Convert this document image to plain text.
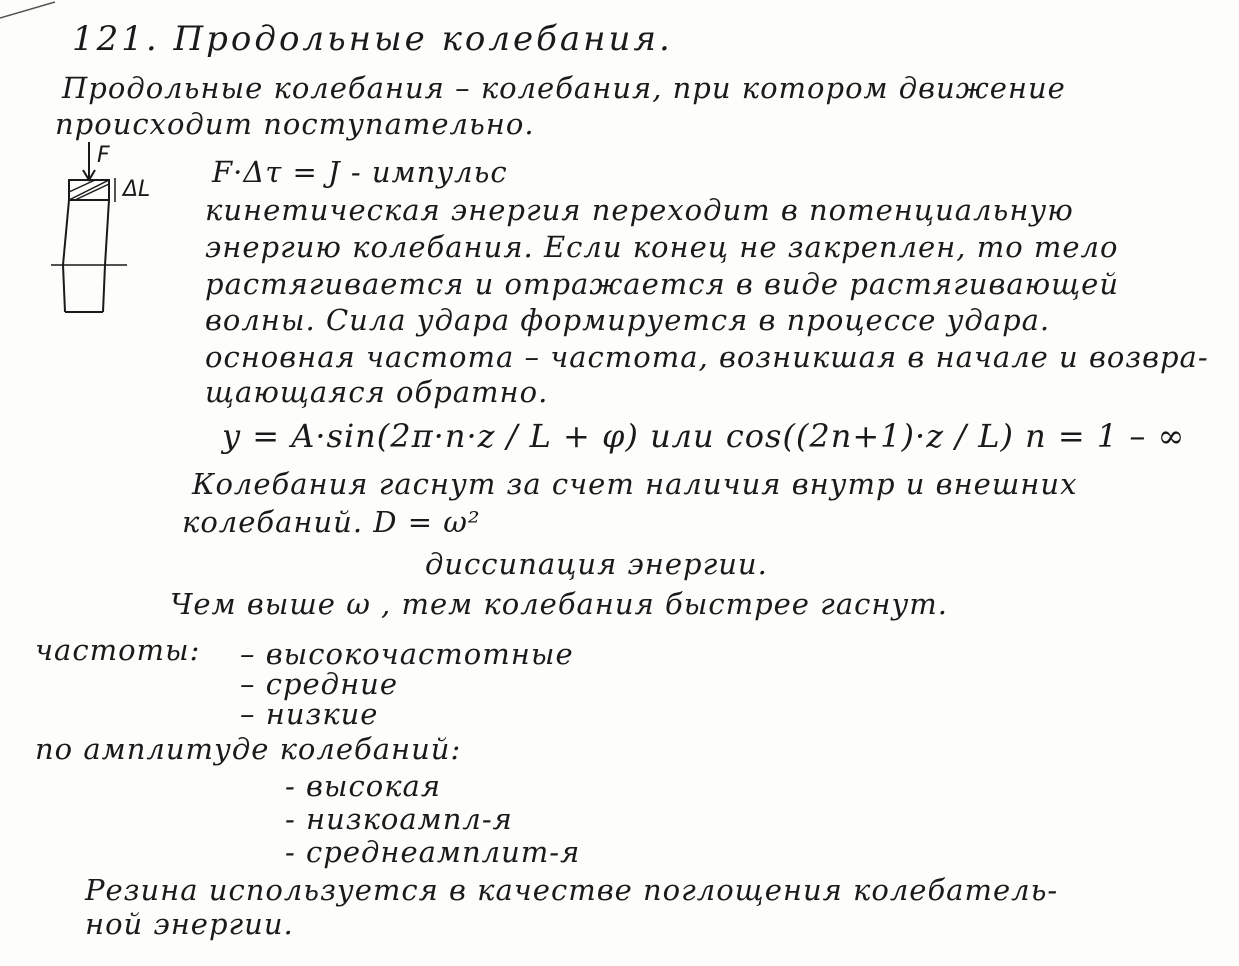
121. Продольные колебания.
Продольные колебания – колебания, при котором движение
происходит поступательно.
F
ΔL
F·Δτ = J - импульс
кинетическая энергия переходит в потенциальную
энергию колебания. Если конец не закреплен, то тело
растягивается и отражается в виде растягивающей
волны. Сила удара формируется в процессе удара.
основная частота – частота, возникшая в начале и возвра-
щающаяся обратно.
y = A·sin(2π·n·z / L + φ) или cos((2n+1)·z / L) n = 1 – ∞
Колебания гаснут за счет наличия внутр и внешних
колебаний. D = ω²
диссипация энергии.
Чем выше ω , тем колебания быстрее гаснут.
частоты: – высокочастотные
– средние
– низкие
по амплитуде колебаний:
- высокая
- низкоампл-я
- среднеамплит-я
Резина используется в качестве поглощения колебатель-
ной энергии.
